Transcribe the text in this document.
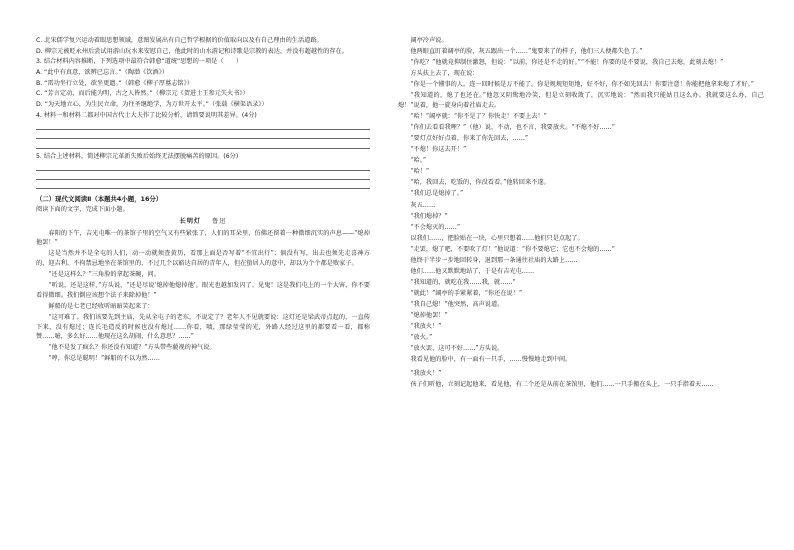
C. 北宋儒学复兴运动着眼思想领域，意图发展出有自己哲学根据的价值取向以及有自己理由的生活道路。
D. 柳宗元被贬永州后尝试用游山玩水来安慰自己，他此时的山水游记和诗歌是宗教的表达，并没有超越性的存在。
3. 结合材料内容推断，下列选项中最符合韩愈“道统”思想的一项是（　　）
A. “此中有真意，欲辨已忘言。”（陶潜《饮酒》）
B. “雷功坐行立处，欲坐更遗。”（韩愈《柳子厚墓志铭》）
C. “芳言定动，而后能为明，古之人皆然。”（柳宗元《贺进士王参元失火书》）
D. “为天地立心，为生民立命，为往圣继绝学，为万世开太平。”（张载《横渠语录》）
4. 材料一和材料二都对中国古代士大夫作了比较分析，请简要说明其差异。(4分)
5. 结合上述材料，简述柳宗元革新失败后始终无法摆脱痛苦的原因。(6分)
（二）现代文阅读Ⅱ（本题共4小题，16分）
阅读下面的文字，完成下面小题。
长明灯 鲁迅

春阳的下午，吉光屯唯一的茶馆子里的空气又有些紧张了，人们的耳朵里，仿佛还留着一种微细沉实的声息——“熄掉他罢！”

这是当然并不是全屯的人们，动一动就须查黄历，看那上面是否写着“不宜出行”；倘没有写，出去也须先走喜神方的，迎吉利。不拘禁忌地坐在茶馆里的，不过几个以豁达自居的青年人，但在蛰居人的意中，却以为个个都是败家子。

“还是这样么？”三角脸的拿起茶碗，问。

“听说，还是这样，”方头说，“还是尽说‘熄掉他熄掉他’。眼光也越加发闪了。见鬼！这是我们屯上的一个大害，你不要看得微细。我们倒应该想个法子来除掉他！”

鲜船的是七老已经收听暗暗笑起来了：

“这可难了。我们该要先到主庙，先从全屯子的老东，不说定了？老年人不见就要说：这灯还是梁武帝点起的，一直传下来，没有熄过；连长毛造反的时候也没有熄过……你看，啧，那绿莹莹的光，外路人经过这里的都要看一看，都称赞……噫，多么好……他现在这么胡闹，什么意思？……”

“他不是发了疯么？你还没有知道？”方头带些藐视的神气说。

“哼，你总是聪明！”鲜船的不以为然……

阔亭冷声说。

他两眼直盯着阔亭的脸，灰五跟出一个……“鬼要来了的样子，他们三人便都失色了。”

“你吃？”他就竟抑制住激怒，但说：“以前，你还是不走的好。”“不能！你要的是不要说，我自己去熄，此刻去熄！”

方头扶上去了，现在说：

“你是一个懂事的人。连一回时候是万不能了。你是规规矩矩地，好不好，你不如先回去！你要注意！你能把他拿来熄了才好。”

“我知道的，熄了也还在。”他忽又阴鸷地冷笑，但是立刻收敛了，沉实地说：“然而我只能姑且这么办。我就要这么办，自己熄！”说着，他一旋身向着社庙走去。

“哈！”阔亭就：“你不是了？你快走！不要上去！”

“你们去看看我哩？”（他）说，不动，也不言，我要放火。“不熄不好……”

“要灯点好好点着，你来了你先回去，……”

“不熄！你这去开！”

“哈。”

“哈！”

“哈，我回去，吃饭的，你没看看。”他转回来不遂。

“我们总是熄掉了。”

灰五……

“我们熄掉？”

“不会熄灭的……”

以我们……，把脸贴在一块，心里只想着……他们只是点起了。

“走罢，熄了吧，不要吹了灯！”他说道：“你不要熄它；它也不会熄的……”

他终于半步一步地回转身，退到那一条通往社庙的大路上……

他们……他又默默地站了，于是有吉光屯……

“我知道的，就吃在我……我，就……”

“就此！”阔亭的手紧紧着，“你还在说！”

“我自己熄！”他突然，高声说道。

“熄掉他罢！”

“我放火！”

“放火。”

“放火罢，这可不好……”方头说。

我看见他的脸中，有一面有一只手，……慢慢地走到中间。

“我放火！”

孩子们听他，立刻记起他来，看见他，有二个还是从前在茶馆里，他们……一只手搬在头上，一只手指着天……
